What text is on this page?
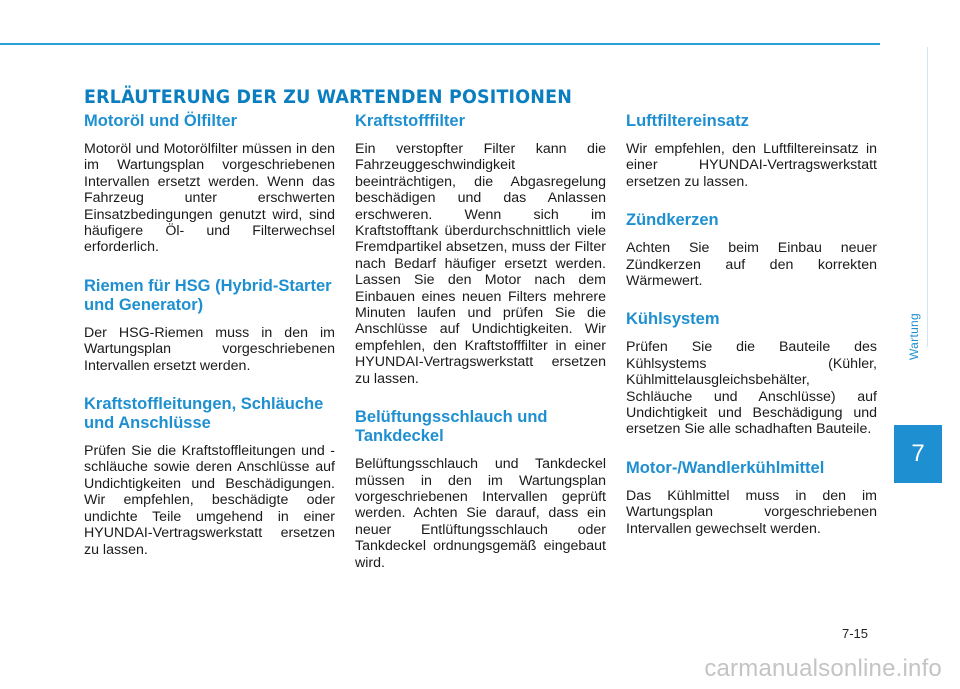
ERLÄUTERUNG DER ZU WARTENDEN POSITIONEN
Motoröl und Ölfilter

Motoröl und Motorölfilter müssen in den im Wartungsplan vorgeschriebenen Intervallen ersetzt werden. Wenn das Fahrzeug unter erschwerten Einsatzbedingungen genutzt wird, sind häufigere Öl- und Filterwechsel erforderlich.

Riemen für HSG (Hybrid-Starter und Generator)

Der HSG-Riemen muss in den im Wartungsplan vorgeschriebenen Intervallen ersetzt werden.

Kraftstoffleitungen, Schläuche und Anschlüsse

Prüfen Sie die Kraftstoffleitungen und -schläuche sowie deren Anschlüsse auf Undichtigkeiten und Beschädigungen. Wir empfehlen, beschädigte oder undichte Teile umgehend in einer HYUNDAI-Vertragswerkstatt ersetzen zu lassen.

Kraftstofffilter

Ein verstopfter Filter kann die Fahrzeuggeschwindigkeit beeinträchtigen, die Abgasregelung beschädigen und das Anlassen erschweren. Wenn sich im Kraftstofftank überdurchschnittlich viele Fremdpartikel absetzen, muss der Filter nach Bedarf häufiger ersetzt werden. Lassen Sie den Motor nach dem Einbauen eines neuen Filters mehrere Minuten laufen und prüfen Sie die Anschlüsse auf Undichtigkeiten. Wir empfehlen, den Kraftstofffilter in einer HYUNDAI-Vertragswerkstatt ersetzen zu lassen.

Belüftungsschlauch und Tankdeckel

Belüftungsschlauch und Tankdeckel müssen in den im Wartungsplan vorgeschriebenen Intervallen geprüft werden. Achten Sie darauf, dass ein neuer Entlüftungsschlauch oder Tankdeckel ordnungsgemäß eingebaut wird.

Luftfiltereinsatz

Wir empfehlen, den Luftfiltereinsatz in einer HYUNDAI-Vertragswerkstatt ersetzen zu lassen.

Zündkerzen

Achten Sie beim Einbau neuer Zündkerzen auf den korrekten Wärmewert.

Kühlsystem

Prüfen Sie die Bauteile des Kühlsystems (Kühler, Kühlmittelausgleichsbehälter, Schläuche und Anschlüsse) auf Undichtigkeit und Beschädigung und ersetzen Sie alle schadhaften Bauteile.

Motor-/Wandlerkühlmittel

Das Kühlmittel muss in den im Wartungsplan vorgeschriebenen Intervallen gewechselt werden.

Wartung
7
7-15
carmanualsonline.info
